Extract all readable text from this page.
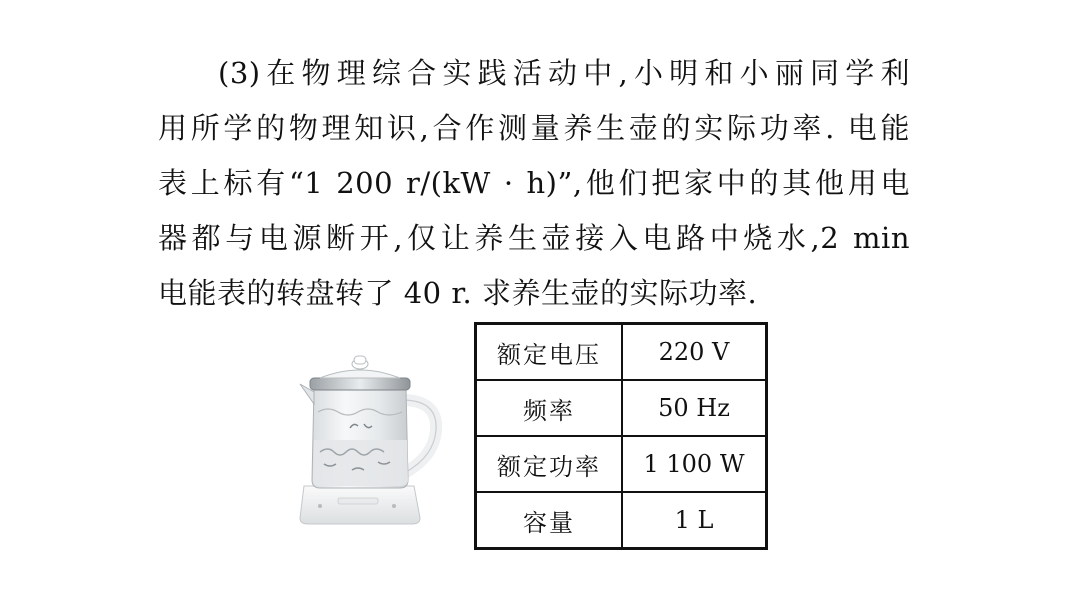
(3)在物理综合实践活动中,小明和小丽同学利
用所学的物理知识,合作测量养生壶的实际功率. 电能
表上标有“1 200 r/(kW · h)”,他们把家中的其他用电
器都与电源断开,仅让养生壶接入电路中烧水,2 min
电能表的转盘转了 40 r. 求养生壶的实际功率.
额定电压	220 V
频率	50 Hz
额定功率	1 100 W
容量	1 L
